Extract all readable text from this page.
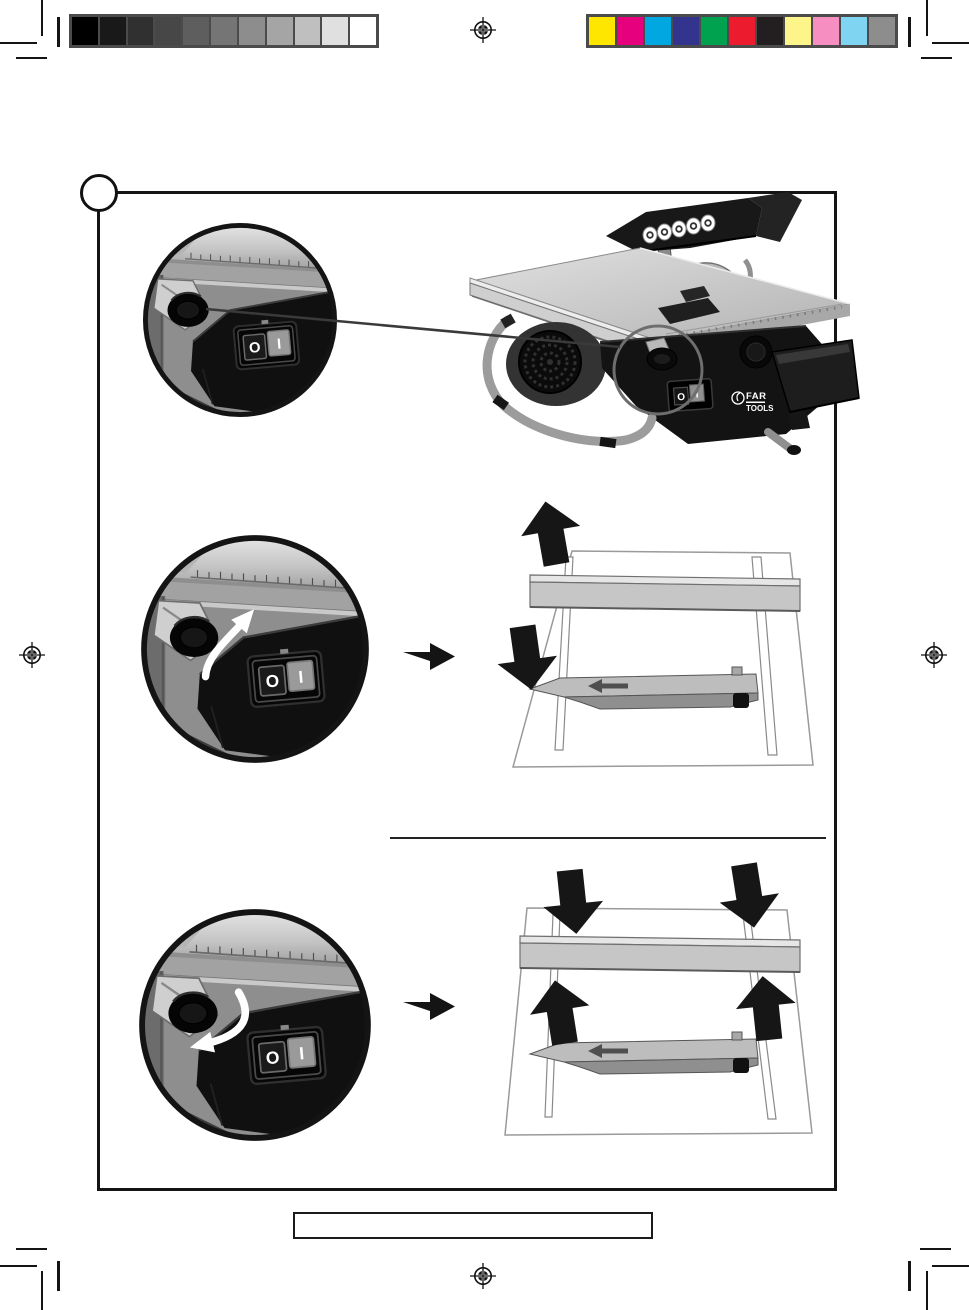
O I	FAR
TOOLS
